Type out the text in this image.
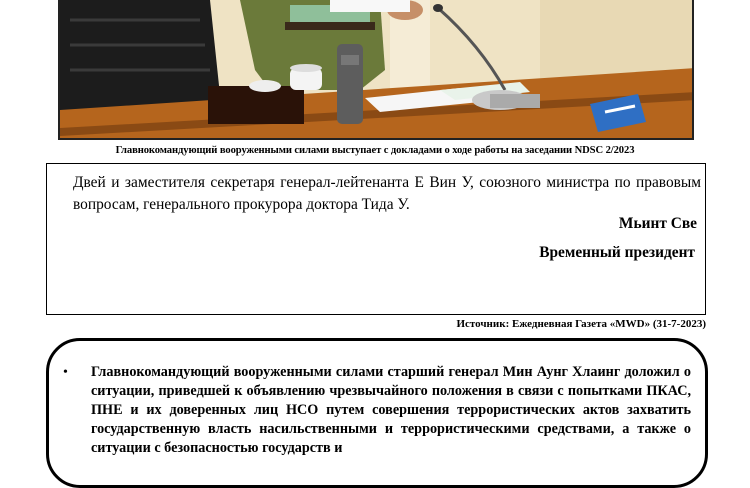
Главнокомандующий вооруженными силами выступает с докладами о ходе работы на заседании NDSC 2/2023

Двей и заместителя секретаря генерал-лейтенанта Е Вин У, союзного министра по правовым вопросам, генерального прокурора доктора Тида У.

Мьинт Све
Временный президент
Источник: Ежедневная Газета «MWD» (31-7-2023)
•	Главнокомандующий вооруженными силами старший генерал Мин Аунг Хлаинг доложил о ситуации, приведшей к объявлению чрезвычайного положения в связи с попытками ПКАС, ПНЕ и их доверенных лиц НСО путем совершения террористических актов захватить государственную власть насильственными и террористическими средствами, а также о ситуации с безопасностью государств и
